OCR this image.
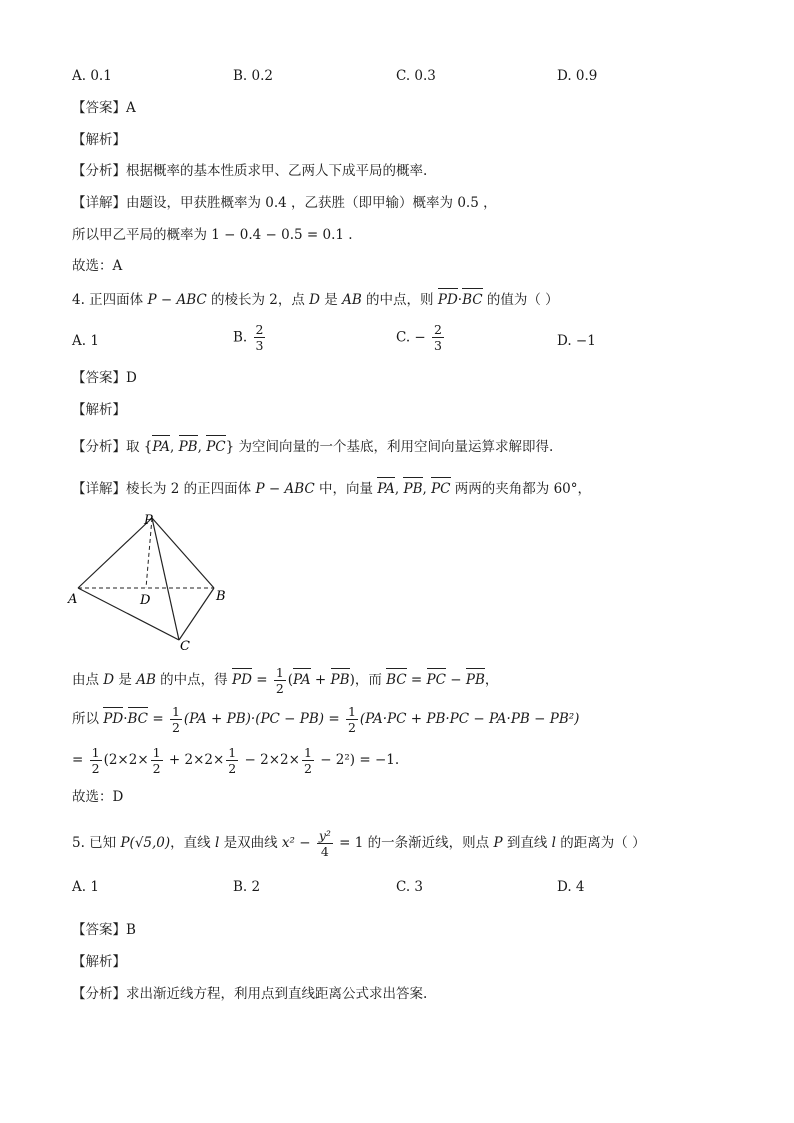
A. 0.1	B. 0.2	C. 0.3	D. 0.9
【答案】A
【解析】
【分析】根据概率的基本性质求甲、乙两人下成平局的概率.
【详解】由题设，甲获胜概率为 0.4 ，乙获胜（即甲输）概率为 0.5 ，
所以甲乙平局的概率为 1 − 0.4 − 0.5 = 0.1 .
故选：A
4. 正四面体 P − ABC 的棱长为 2，点 D 是 AB 的中点，则 PD·BC 的值为（ ）
A. 1	B. $\frac{2}{3}$	C. − $\frac{2}{3}$	D. −1
【答案】D
【解析】
【分析】取 {PA, PB, PC} 为空间向量的一个基底，利用空间向量运算求解即得.
【详解】棱长为 2 的正四面体 P − ABC 中，向量 PA, PB, PC 两两的夹角都为 60°，
P
A	D	B
C
由点 D 是 AB 的中点，得 PD = $\frac{1}{2} (PA + PB)$，而 BC = PC − PB，
所以 $PD\cdot BC = \frac{1}{2} (PA + PB)\cdot(PC - PB) = \frac{1}{2} (PA\cdot PC + PB\cdot PC - PA\cdot PB - PB^2)$
= $\frac{1}{2} (2\times 2\times \frac{1}{2} + 2\times 2\times \frac{1}{2} - 2\times 2\times \frac{1}{2} - 2^2) = -1$.
故选：D
5. 已知 P(√5,0)，直线 l 是双曲线 $x^2 - \frac{\text{y²}}{4} = 1$ 的一条渐近线，则点 P 到直线 l 的距离为（ ）
A. 1	B. 2	C. 3	D. 4
【答案】B
【解析】
【分析】求出渐近线方程，利用点到直线距离公式求出答案.
